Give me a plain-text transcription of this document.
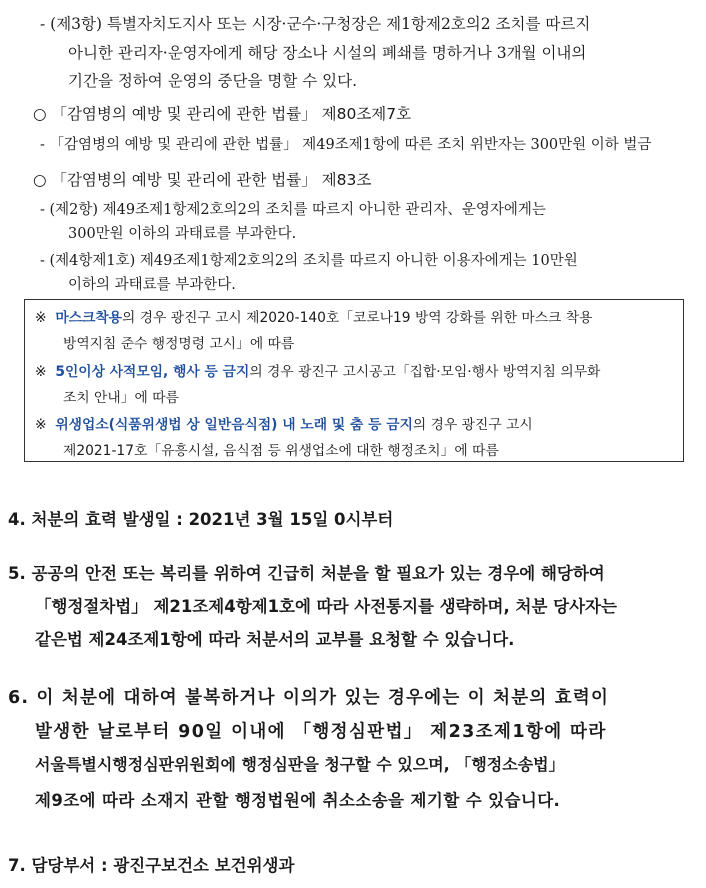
- (제3항) 특별자치도지사 또는 시장·군수·구청장은 제1항제2호의2 조치를 따르지
아니한 관리자·운영자에게 해당 장소나 시설의 폐쇄를 명하거나 3개월 이내의
기간을 정하여 운영의 중단을 명할 수 있다.
○ 「감염병의 예방 및 관리에 관한 법률」 제80조제7호
- 「감염병의 예방 및 관리에 관한 법률」 제49조제1항에 따른 조치 위반자는 300만원 이하 벌금
○ 「감염병의 예방 및 관리에 관한 법률」 제83조
- (제2항) 제49조제1항제2호의2의 조치를 따르지 아니한 관리자、운영자에게는
300만원 이하의 과태료를 부과한다.
- (제4항제1호) 제49조제1항제2호의2의 조치를 따르지 아니한 이용자에게는 10만원
이하의 과태료를 부과한다.
※ 마스크착용의 경우 광진구 고시 제2020-140호「코로나19 방역 강화를 위한 마스크 착용
방역지침 준수 행정명령 고시」에 따름
※ 5인이상 사적모임, 행사 등 금지의 경우 광진구 고시공고「집합·모임·행사 방역지침 의무화
조치 안내」에 따름
※ 위생업소(식품위생법 상 일반음식점) 내 노래 및 춤 등 금지의 경우 광진구 고시
제2021-17호「유흥시설, 음식점 등 위생업소에 대한 행정조치」에 따름
4. 처분의 효력 발생일 : 2021년 3월 15일 0시부터
5. 공공의 안전 또는 복리를 위하여 긴급히 처분을 할 필요가 있는 경우에 해당하여
「행정절차법」 제21조제4항제1호에 따라 사전통지를 생략하며, 처분 당사자는
같은법 제24조제1항에 따라 처분서의 교부를 요청할 수 있습니다.
6. 이 처분에 대하여 불복하거나 이의가 있는 경우에는 이 처분의 효력이
발생한 날로부터 90일 이내에 「행정심판법」 제23조제1항에 따라
서울특별시행정심판위원회에 행정심판을 청구할 수 있으며, 「행정소송법」
제9조에 따라 소재지 관할 행정법원에 취소소송을 제기할 수 있습니다.
7. 담당부서 : 광진구보건소 보건위생과
